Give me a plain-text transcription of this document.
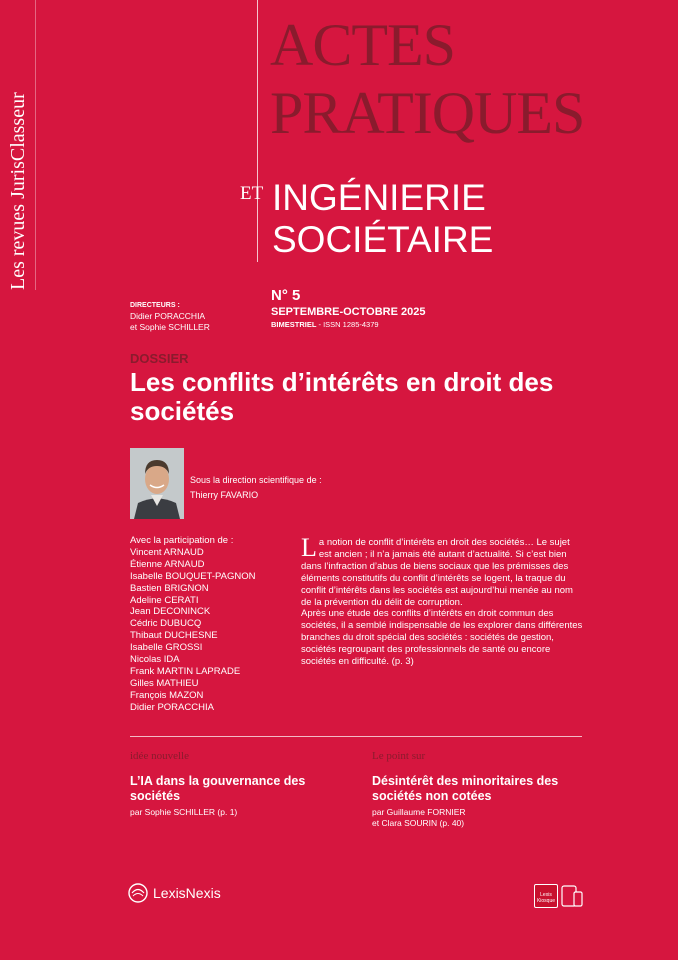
Les revues JurisClasseur
ACTES
PRATIQUES
ET INGÉNIERIE
SOCIÉTAIRE
DIRECTEURS :
Didier PORACCHIA
et Sophie SCHILLER
N° 5
SEPTEMBRE-OCTOBRE 2025
BIMESTRIEL - ISSN 1285-4379
DOSSIER
Les conflits d’intérêts en droit des sociétés
Sous la direction scientifique de :
Thierry FAVARIO
Avec la participation de :
Vincent ARNAUD
Étienne ARNAUD
Isabelle BOUQUET-PAGNON
Bastien BRIGNON
Adeline CERATI
Jean DECONINCK
Cédric DUBUCQ
Thibaut DUCHESNE
Isabelle GROSSI
Nicolas IDA
Frank MARTIN LAPRADE
Gilles MATHIEU
François MAZON
Didier PORACCHIA

La notion de conflit d’intérêts en droit des sociétés… Le sujet est ancien ; il n’a jamais été autant d’actualité. Si c’est bien dans l’infraction d’abus de biens sociaux que les prémisses des éléments constitutifs du conflit d’intérêts se logent, la traque du conflit d’intérêts dans les sociétés est aujourd’hui menée au nom de la prévention du délit de corruption.

Après une étude des conflits d’intérêts en droit commun des sociétés, il a semblé indispensable de les explorer dans différentes branches du droit spécial des sociétés : sociétés de gestion, sociétés regroupant des professionnels de santé ou encore sociétés en difficulté. (p. 3)

idée nouvelle
L’IA dans la gouvernance des sociétés
par Sophie SCHILLER (p. 1)
Le point sur
Désintérêt des minoritaires des sociétés non cotées
par Guillaume FORNIER
et Clara SOURIN (p. 40)
LexisNexis	Lexis
Kiosque
